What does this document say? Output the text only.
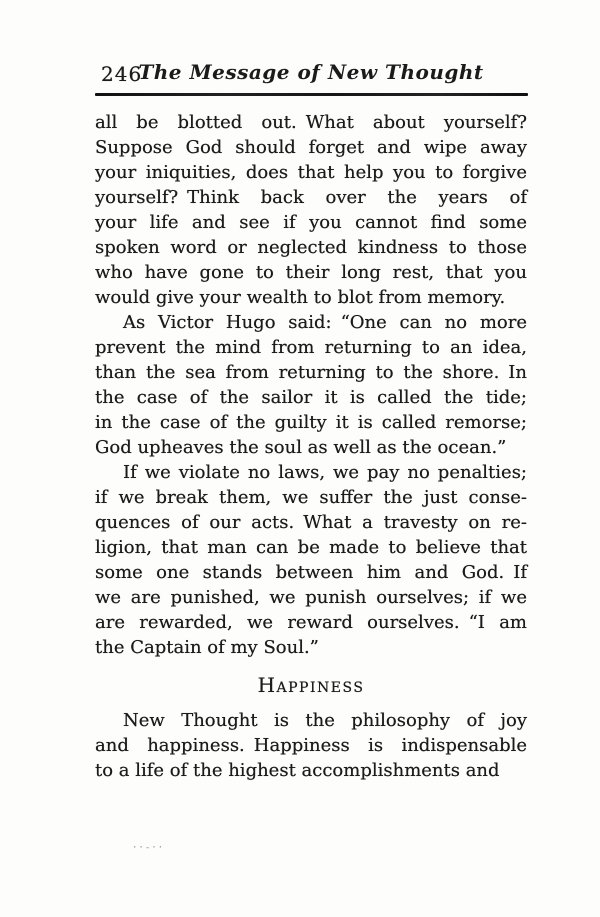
246
The Message of New Thought
all be blotted out. What about yourself?
Suppose God should forget and wipe away
your iniquities, does that help you to forgive
yourself? Think back over the years of
your life and see if you cannot find some
spoken word or neglected kindness to those
who have gone to their long rest, that you
would give your wealth to blot from memory.
As Victor Hugo said: “One can no more
prevent the mind from returning to an idea,
than the sea from returning to the shore. In
the case of the sailor it is called the tide;
in the case of the guilty it is called remorse;
God upheaves the soul as well as the ocean.”
If we violate no laws, we pay no penalties;
if we break them, we suffer the just conse-
quences of our acts. What a travesty on re-
ligion, that man can be made to believe that
some one stands between him and God. If
we are punished, we punish ourselves; if we
are rewarded, we reward ourselves. “I am
the Captain of my Soul.”
Happiness
New Thought is the philosophy of joy
and happiness. Happiness is indispensable
to a life of the highest accomplishments and
··-··
